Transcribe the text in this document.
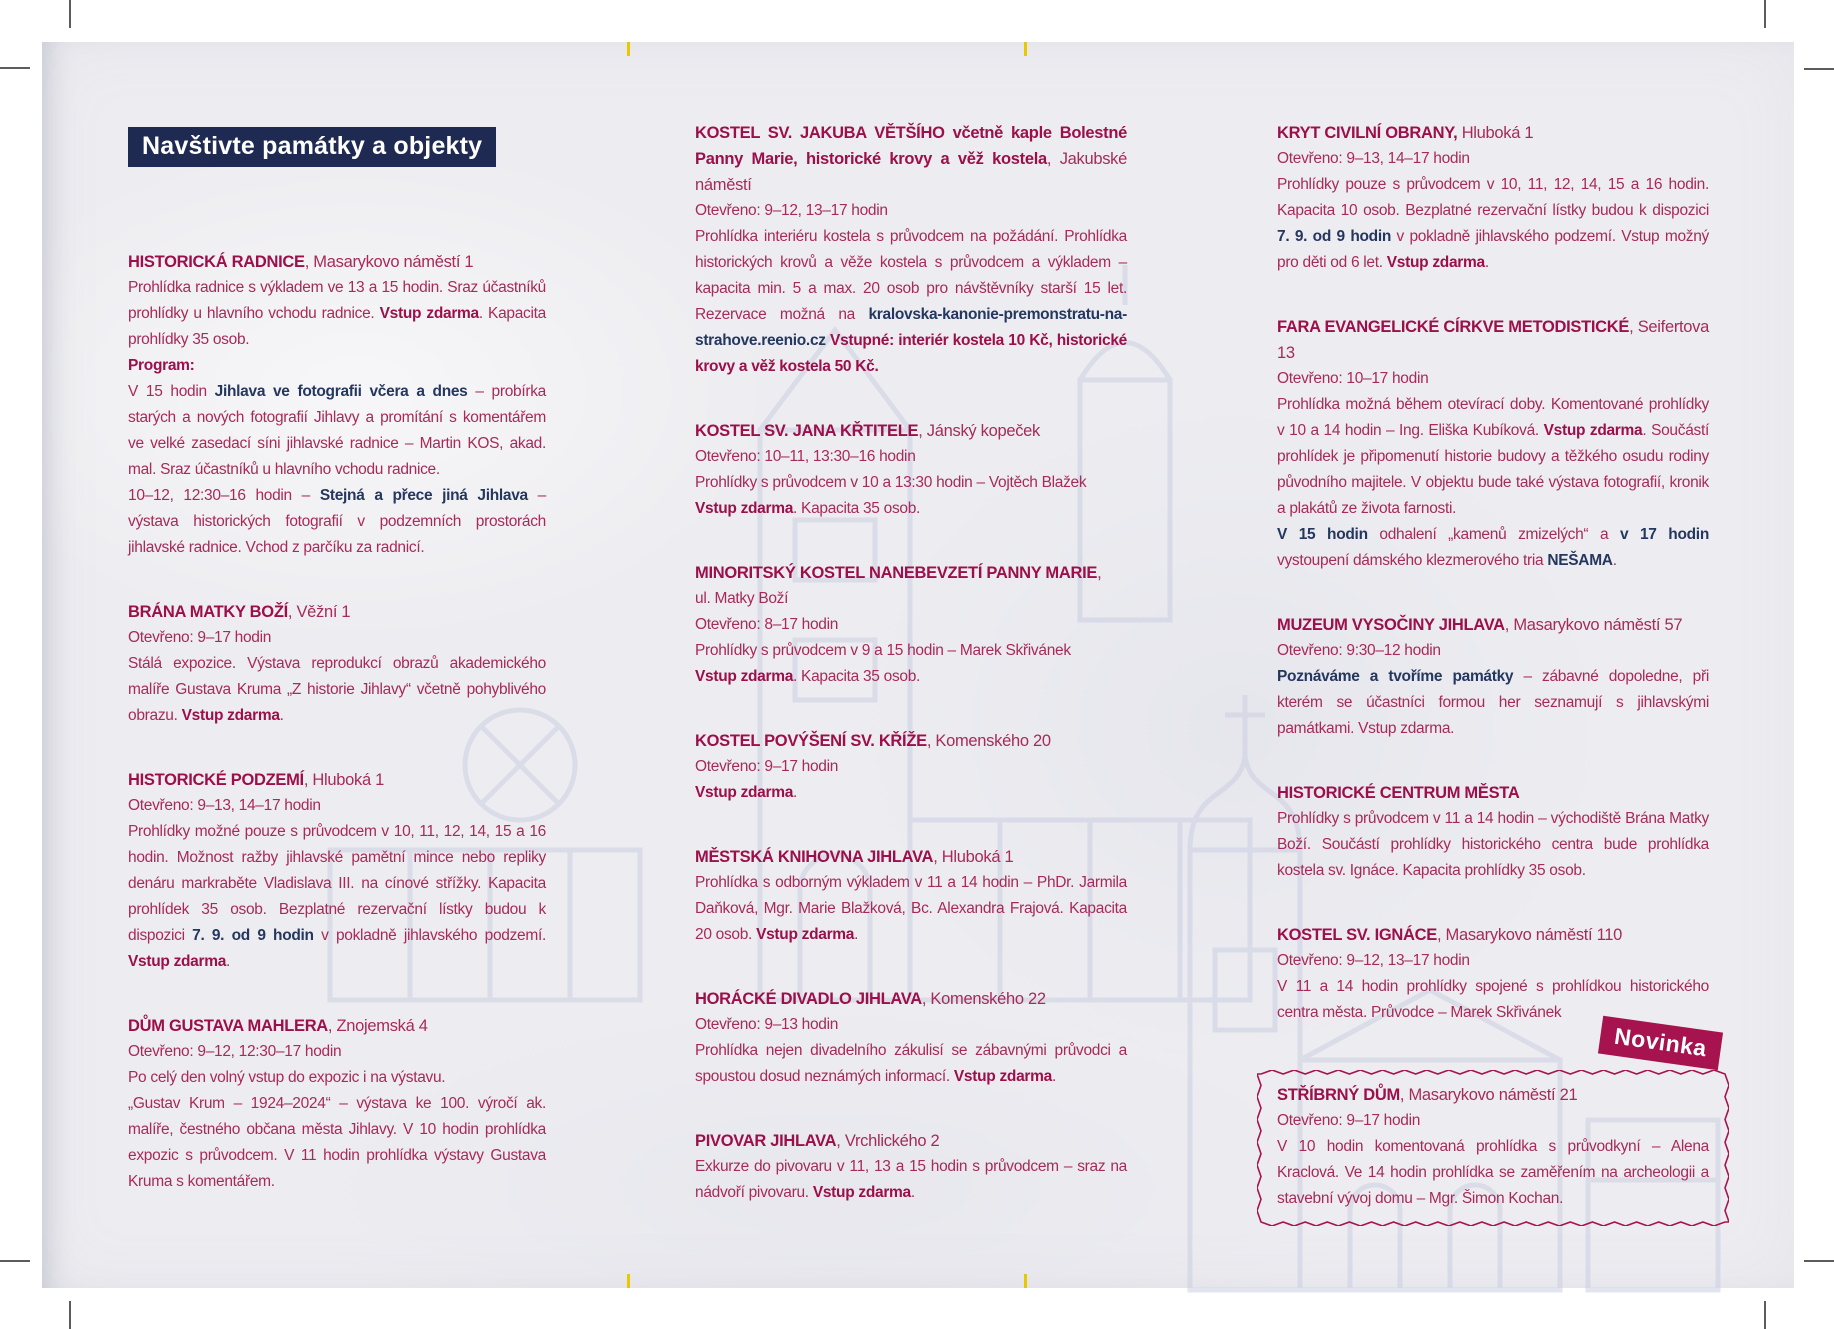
Navštivte památky a objekty
HISTORICKÁ RADNICE, Masarykovo náměstí 1
Prohlídka radnice s výkladem ve 13 a 15 hodin. Sraz účastníků prohlídky u hlavního vchodu radnice. Vstup zdarma. Kapacita prohlídky 35 osob.
Program:
V 15 hodin Jihlava ve fotografii včera a dnes – probírka starých a nových fotografií Jihlavy a promítání s komentářem ve velké zasedací síni jihlavské radnice – Martin KOS, akad. mal. Sraz účastníků u hlavního vchodu radnice.
10–12, 12:30–16 hodin – Stejná a přece jiná Jihlava – výstava historických fotografií v podzemních prostorách jihlavské radnice. Vchod z parčíku za radnicí.
BRÁNA MATKY BOŽÍ, Věžní 1
Otevřeno: 9–17 hodin
Stálá expozice. Výstava reprodukcí obrazů akademického malíře Gustava Kruma „Z historie Jihlavy“ včetně pohyblivého obrazu. Vstup zdarma.
HISTORICKÉ PODZEMÍ, Hluboká 1
Otevřeno: 9–13, 14–17 hodin
Prohlídky možné pouze s průvodcem v 10, 11, 12, 14, 15 a 16 hodin. Možnost ražby jihlavské pamětní mince nebo repliky denáru markraběte Vladislava III. na cínové střížky. Kapacita prohlídek 35 osob. Bezplatné rezervační lístky budou k dispozici 7. 9. od 9 hodin v pokladně jihlavského podzemí. Vstup zdarma.
DŮM GUSTAVA MAHLERA, Znojemská 4
Otevřeno: 9–12, 12:30–17 hodin
Po celý den volný vstup do expozic i na výstavu.
„Gustav Krum – 1924–2024“ – výstava ke 100. výročí ak. malíře, čestného občana města Jihlavy. V 10 hodin prohlídka expozic s průvodcem. V 11 hodin prohlídka výstavy Gustava Kruma s komentářem.
KOSTEL SV. JAKUBA VĚTŠÍHO včetně kaple Bolestné Panny Marie, historické krovy a věž kostela, Jakubské náměstí
Otevřeno: 9–12, 13–17 hodin
Prohlídka interiéru kostela s průvodcem na požádání. Prohlídka historických krovů a věže kostela s průvodcem a výkladem – kapacita min. 5 a max. 20 osob pro návštěvníky starší 15 let. Rezervace možná na kralovska-kanonie-premonstratu-na-strahove.reenio.cz Vstupné: interiér kostela 10 Kč, historické krovy a věž kostela 50 Kč.
KOSTEL SV. JANA KŘTITELE, Jánský kopeček
Otevřeno: 10–11, 13:30–16 hodin
Prohlídky s průvodcem v 10 a 13:30 hodin – Vojtěch Blažek
Vstup zdarma. Kapacita 35 osob.
MINORITSKÝ KOSTEL NANEBEVZETÍ PANNY MARIE,
ul. Matky Boží
Otevřeno: 8–17 hodin
Prohlídky s průvodcem v 9 a 15 hodin – Marek Skřivánek
Vstup zdarma. Kapacita 35 osob.
KOSTEL POVÝŠENÍ SV. KŘÍŽE, Komenského 20
Otevřeno: 9–17 hodin
Vstup zdarma.
MĚSTSKÁ KNIHOVNA JIHLAVA, Hluboká 1
Prohlídka s odborným výkladem v 11 a 14 hodin – PhDr. Jarmila Daňková, Mgr. Marie Blažková, Bc. Alexandra Frajová. Kapacita 20 osob. Vstup zdarma.
HORÁCKÉ DIVADLO JIHLAVA, Komenského 22
Otevřeno: 9–13 hodin
Prohlídka nejen divadelního zákulisí se zábavnými průvodci a spoustou dosud neznámých informací. Vstup zdarma.
PIVOVAR JIHLAVA, Vrchlického 2
Exkurze do pivovaru v 11, 13 a 15 hodin s průvodcem – sraz na nádvoří pivovaru. Vstup zdarma.
KRYT CIVILNÍ OBRANY, Hluboká 1
Otevřeno: 9–13, 14–17 hodin
Prohlídky pouze s průvodcem v 10, 11, 12, 14, 15 a 16 hodin. Kapacita 10 osob. Bezplatné rezervační lístky budou k dispozici 7. 9. od 9 hodin v pokladně jihlavského podzemí. Vstup možný pro děti od 6 let. Vstup zdarma.
FARA EVANGELICKÉ CÍRKVE METODISTICKÉ, Seifertova 13
Otevřeno: 10–17 hodin
Prohlídka možná během otevírací doby. Komentované prohlídky v 10 a 14 hodin – Ing. Eliška Kubíková. Vstup zdarma. Součástí prohlídek je připomenutí historie budovy a těžkého osudu rodiny původního majitele. V objektu bude také výstava fotografií, kronik a plakátů ze života farnosti.
V 15 hodin odhalení „kamenů zmizelých“ a v 17 hodin vystoupení dámského klezmerového tria NEŠAMA.
MUZEUM VYSOČINY JIHLAVA, Masarykovo náměstí 57
Otevřeno: 9:30–12 hodin
Poznáváme a tvoříme památky – zábavné dopoledne, při kterém se účastníci formou her seznamují s jihlavskými památkami. Vstup zdarma.
HISTORICKÉ CENTRUM MĚSTA
Prohlídky s průvodcem v 11 a 14 hodin – východiště Brána Matky Boží. Součástí prohlídky historického centra bude prohlídka kostela sv. Ignáce. Kapacita prohlídky 35 osob.
KOSTEL SV. IGNÁCE, Masarykovo náměstí 110
Otevřeno: 9–12, 13–17 hodin
V 11 a 14 hodin prohlídky spojené s prohlídkou historického centra města. Průvodce – Marek Skřivánek
Novinka
STŘÍBRNÝ DŮM, Masarykovo náměstí 21
Otevřeno: 9–17 hodin
V 10 hodin komentovaná prohlídka s průvodkyní – Alena Kraclová. Ve 14 hodin prohlídka se zaměřením na archeologii a stavební vývoj domu – Mgr. Šimon Kochan.
